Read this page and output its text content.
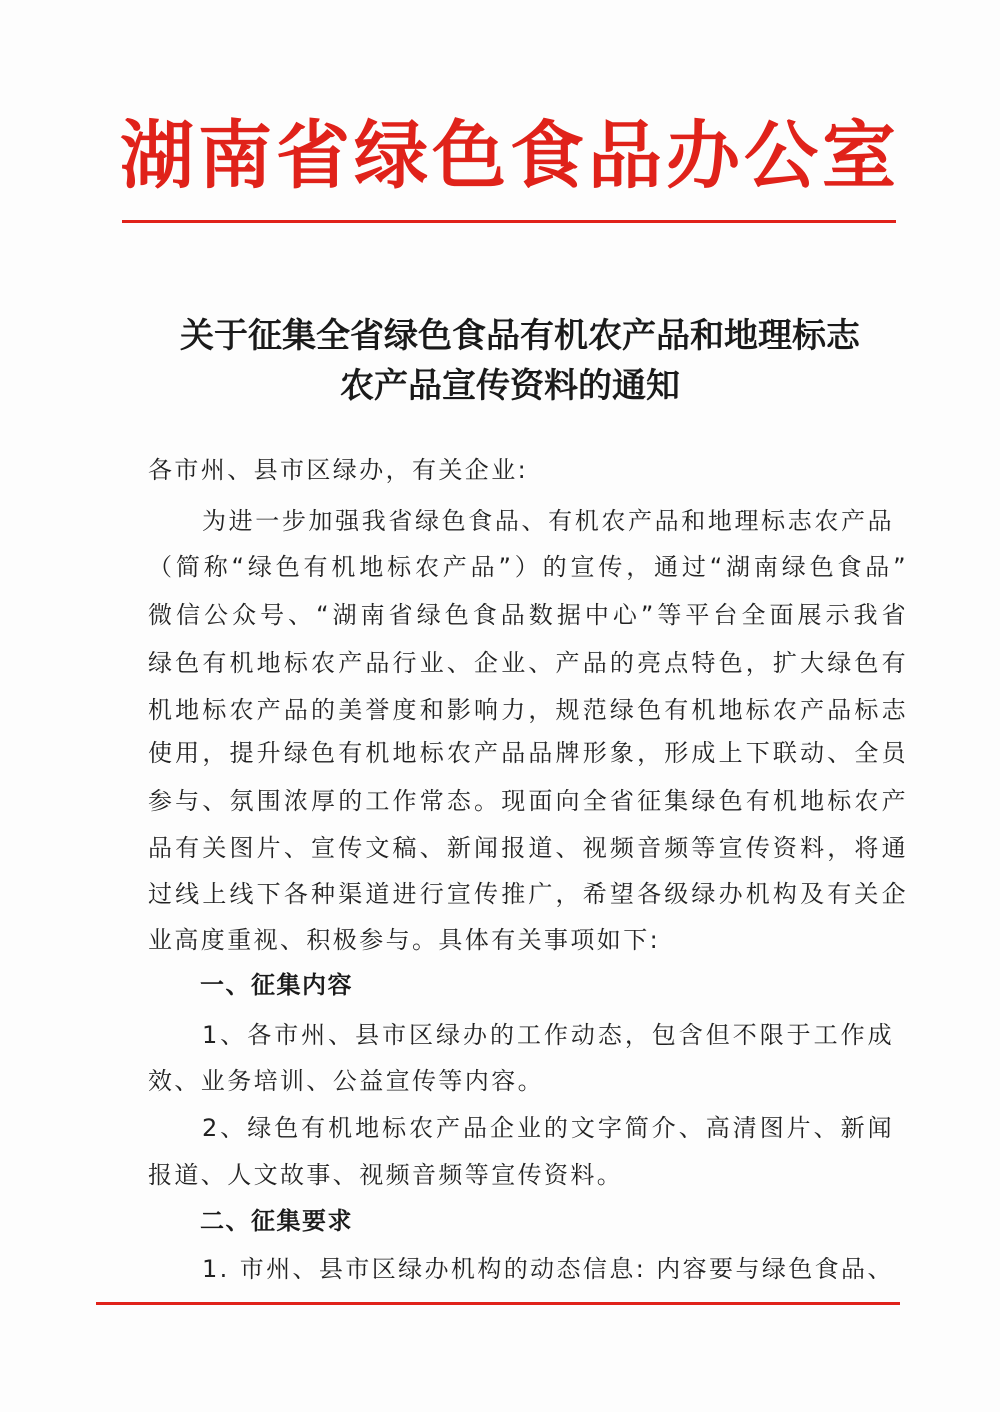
湖南省绿色食品办公室
关于征集全省绿色食品有机农产品和地理标志
农产品宣传资料的通知
各市州、县市区绿办，有关企业:
为进一步加强我省绿色食品、有机农产品和地理标志农产品
（简称“绿色有机地标农产品”）的宣传，通过“湖南绿色食品”
微信公众号、“湖南省绿色食品数据中心”等平台全面展示我省
绿色有机地标农产品行业、企业、产品的亮点特色，扩大绿色有
机地标农产品的美誉度和影响力，规范绿色有机地标农产品标志
使用，提升绿色有机地标农产品品牌形象，形成上下联动、全员
参与、氛围浓厚的工作常态。现面向全省征集绿色有机地标农产
品有关图片、宣传文稿、新闻报道、视频音频等宣传资料，将通
过线上线下各种渠道进行宣传推广，希望各级绿办机构及有关企
业高度重视、积极参与。具体有关事项如下:
一、征集内容
1、各市州、县市区绿办的工作动态，包含但不限于工作成
效、业务培训、公益宣传等内容。
2、绿色有机地标农产品企业的文字简介、高清图片、新闻
报道、人文故事、视频音频等宣传资料。
二、征集要求
1. 市州、县市区绿办机构的动态信息: 内容要与绿色食品、
